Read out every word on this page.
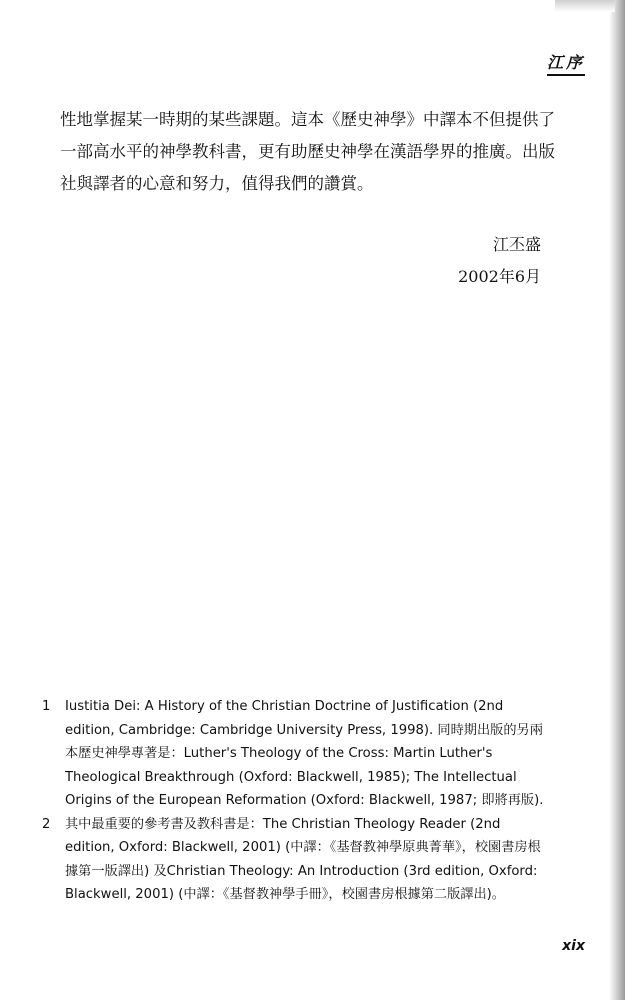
江序

性地掌握某一時期的某些課題。這本《歷史神學》中譯本不但提供了一部高水平的神學教科書，更有助歷史神學在漢語學界的推廣。出版社與譯者的心意和努力，值得我們的讚賞。

江丕盛
2002年6月
1 Iustitia Dei: A History of the Christian Doctrine of Justification (2nd edition, Cambridge: Cambridge University Press, 1998). 同時期出版的另兩本歷史神學專著是：Luther's Theology of the Cross: Martin Luther's Theological Breakthrough (Oxford: Blackwell, 1985); The Intellectual Origins of the European Reformation (Oxford: Blackwell, 1987; 即將再版).
2 其中最重要的參考書及教科書是：The Christian Theology Reader (2nd edition, Oxford: Blackwell, 2001) (中譯：《基督教神學原典菁華》，校園書房根據第一版譯出) 及Christian Theology: An Introduction (3rd edition, Oxford: Blackwell, 2001) (中譯：《基督教神學手冊》，校園書房根據第二版譯出)。
xix
